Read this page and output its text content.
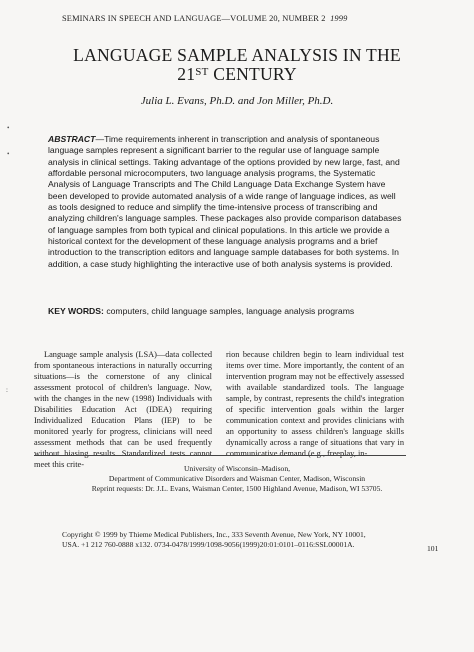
SEMINARS IN SPEECH AND LANGUAGE—VOLUME 20, NUMBER 2 1999
LANGUAGE SAMPLE ANALYSIS IN THE
21ST CENTURY
Julia L. Evans, Ph.D. and Jon Miller, Ph.D.
ABSTRACT—Time requirements inherent in transcription and analysis of spontaneous language samples represent a significant barrier to the regular use of language sample analysis in clinical settings. Taking advantage of the options provided by new large, fast, and affordable personal microcomputers, two language analysis programs, the Systematic Analysis of Language Transcripts and The Child Language Data Exchange System have been developed to provide automated analysis of a wide range of language indices, as well as tools designed to reduce and simplify the time-intensive process of transcribing and analyzing children's language samples. These packages also provide comparison databases of language samples from both typical and clinical populations. In this article we provide a historical context for the development of these language analysis programs and a brief introduction to the transcription editors and language sample databases for both systems. In addition, a case study highlighting the interactive use of both analysis systems is provided.
KEY WORDS: computers, child language samples, language analysis programs
Language sample analysis (LSA)—data collected from spontaneous interactions in naturally occurring situations—is the cornerstone of any clinical assessment protocol of children's language. Now, with the changes in the new (1998) Individuals with Disabilities Education Act (IDEA) requiring Individualized Education Plans (IEP) to be monitored yearly for progress, clinicians will need assessment methods that can be used frequently without biasing results. Standardized tests cannot meet this crite-
rion because children begin to learn individual test items over time. More importantly, the content of an intervention program may not be effectively assessed with available standardized tools. The language sample, by contrast, represents the child's integration of specific intervention goals within the larger communication context and provides clinicians with an opportunity to assess children's language skills dynamically across a range of situations that vary in communicative demand (e.g., freeplay, in-
•
•
:
University of Wisconsin–Madison,
Department of Communicative Disorders and Waisman Center, Madison, Wisconsin
Reprint requests: Dr. J.L. Evans, Waisman Center, 1500 Highland Avenue, Madison, WI 53705.
Copyright © 1999 by Thieme Medical Publishers, Inc., 333 Seventh Avenue, New York, NY 10001,
USA. +1 212 760-0888 x132. 0734-0478/1999/1098-9056(1999)20:01:0101–0116:SSL00001A.	101
